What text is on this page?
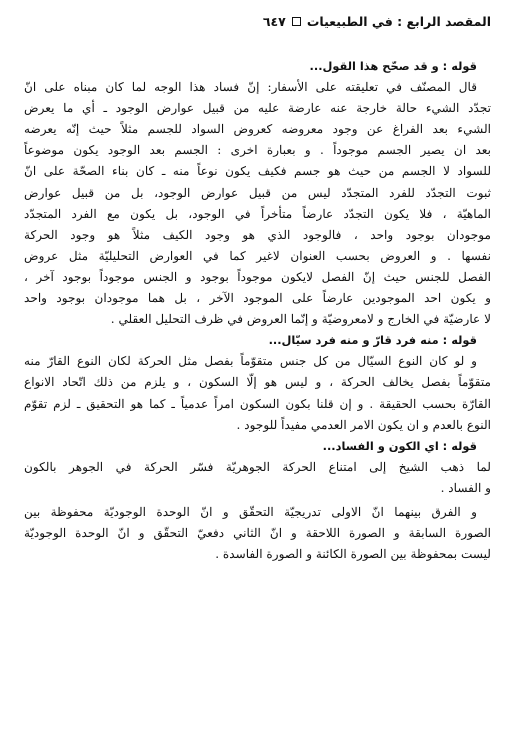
المقصد الرابع : في الطبيعيات
٦٤٧
قوله : و قد صحّح هذا القول...
قال المصنّف في تعليقته على الأسفار: إنّ فساد هذا الوجه لما كان مبناه على انّ
تجدّد الشيء حالة خارجة عنه عارضة عليه من قبيل عوارض الوجود ـ أي ما يعرض
الشيء بعد الفراغ عن وجود معروضه كعروض السواد للجسم مثلاً حيث إنّه يعرضه
بعد ان يصير الجسم موجوداً . و بعبارة اخرى : الجسم بعد الوجود يكون موضوعاً
للسواد لا الجسم من حيث هو جسم فكيف يكون نوعاً منه ـ كان بناء الصحّة على انّ
ثبوت التجدّد للفرد المتجدّد ليس من قبيل عوارض الوجود، بل من قبيل عوارض
الماهيّة ، فلا يكون التجدّد عارضاً متأخراً في الوجود، بل يكون مع الفرد المتجدّد
موجودان بوجود واحد ، فالوجود الذي هو وجود الكيف مثلاً هو وجود الحركة
نفسها . و العروض بحسب العنوان لاغير كما في العوارض التحليليّة مثل عروض
الفصل للجنس حيث إنّ الفصل لايكون موجوداً بوجود و الجنس موجوداً بوجود آخر ،
و يكون احد الموجودين عارضاً على الموجود الآخر ، بل هما موجودان بوجود واحد
لا عارضيّة في الخارج و لامعروضيّة و إنّما العروض في ظرف التحليل العقلي .
قوله : منه فرد قارّ و منه فرد سيّال...
و لو كان النوع السيّال من كل جنس متقوّماً بفصل مثل الحركة لكان النوع القارّ منه
متقوّماً بفصل يخالف الحركة ، و ليس هو إلّا السكون ، و يلزم من ذلك اتّحاد الانواع
القارّة بحسب الحقيقة . و إن قلنا بكون السكون امراً عدمياً ـ كما هو التحقيق ـ لزم تقوّم
النوع بالعدم و ان يكون الامر العدمي مفيداً للوجود .
قوله : اي الكون و الفساد...
لما ذهب الشيخ إلى امتناع الحركة الجوهريّة فسّر الحركة في الجوهر بالكون
و الفساد .
و الفرق بينهما انّ الاولى تدريجيّة التحقّق و انّ الوحدة الوجوديّة محفوظة بين
الصورة السابقة و الصورة اللاحقة و انّ الثاني دفعيّ التحقّق و انّ الوحدة الوجوديّة
ليست بمحفوظة بين الصورة الكائنة و الصورة الفاسدة .
